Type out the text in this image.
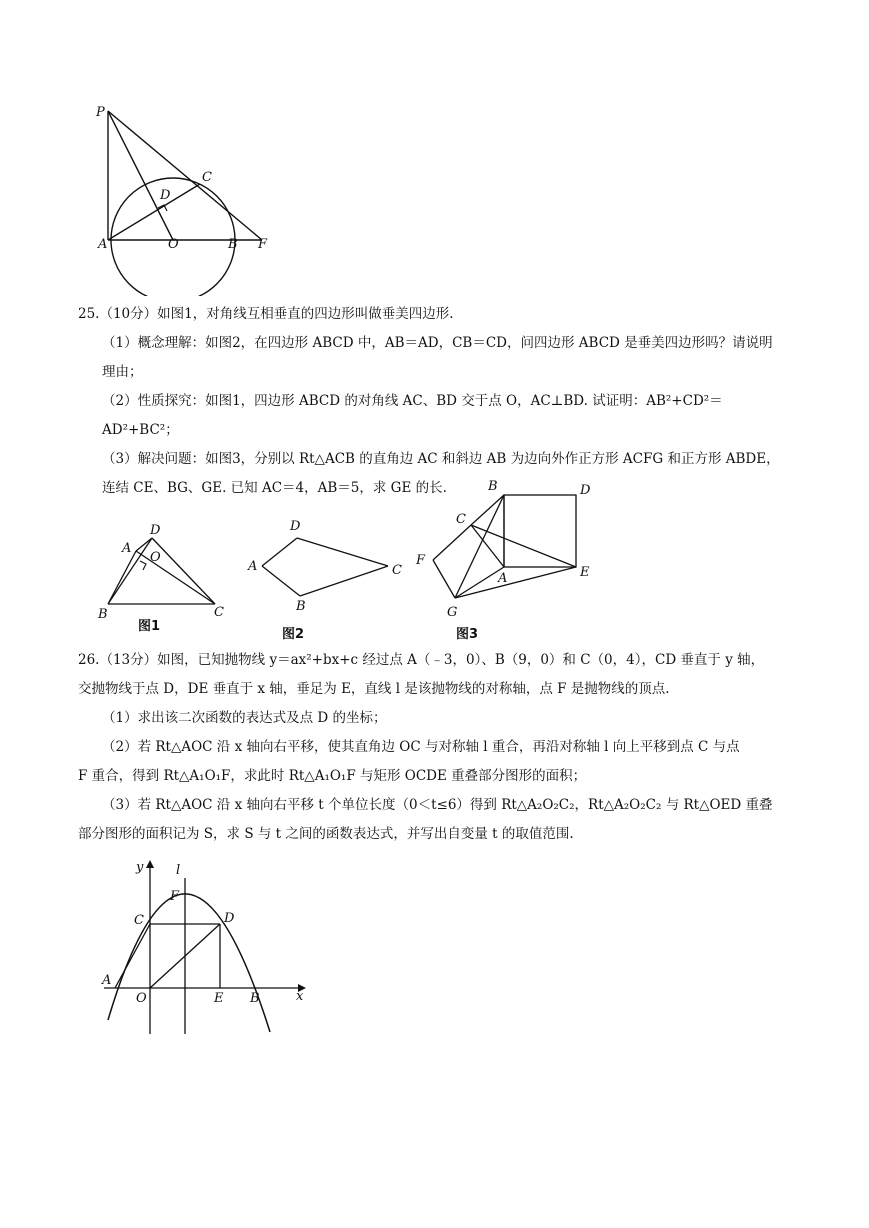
P
C
D
A	O	B F

25.（10分）如图1，对角线互相垂直的四边形叫做垂美四边形.

（1）概念理解：如图2，在四边形 ABCD 中，AB＝AD，CB＝CD，问四边形 ABCD 是垂美四边形吗？请说明

理由；

（2）性质探究：如图1，四边形 ABCD 的对角线 AC、BD 交于点 O，AC⊥BD. 试证明：AB²+CD²＝AD²+BC²；

（3）解决问题：如图3，分别以 Rt△ACB 的直角边 AC 和斜边 AB 为边向外作正方形 ACFG 和正方形 ABDE，

连结 CE、BG、GE. 已知 AC＝4，AB＝5，求 GE 的长.

D
A
O
B	C
图1
D
A	C
B
图2
B	D
C
F
A	E
G
图3

26.（13分）如图，已知抛物线 y＝ax²+bx+c 经过点 A（﹣3，0）、B（9，0）和 C（0，4），CD 垂直于 y 轴，

交抛物线于点 D，DE 垂直于 x 轴，垂足为 E，直线 l 是该抛物线的对称轴，点 F 是抛物线的顶点.

（1）求出该二次函数的表达式及点 D 的坐标；

（2）若 Rt△AOC 沿 x 轴向右平移，使其直角边 OC 与对称轴 l 重合，再沿对称轴 l 向上平移到点 C 与点

F 重合，得到 Rt△A₁O₁F，求此时 Rt△A₁O₁F 与矩形 OCDE 重叠部分图形的面积；

（3）若 Rt△AOC 沿 x 轴向右平移 t 个单位长度（0＜t≤6）得到 Rt△A₂O₂C₂，Rt△A₂O₂C₂ 与 Rt△OED 重叠

部分图形的面积记为 S，求 S 与 t 之间的函数表达式，并写出自变量 t 的取值范围.

y	l
F
C	D
A
O	E B	x
